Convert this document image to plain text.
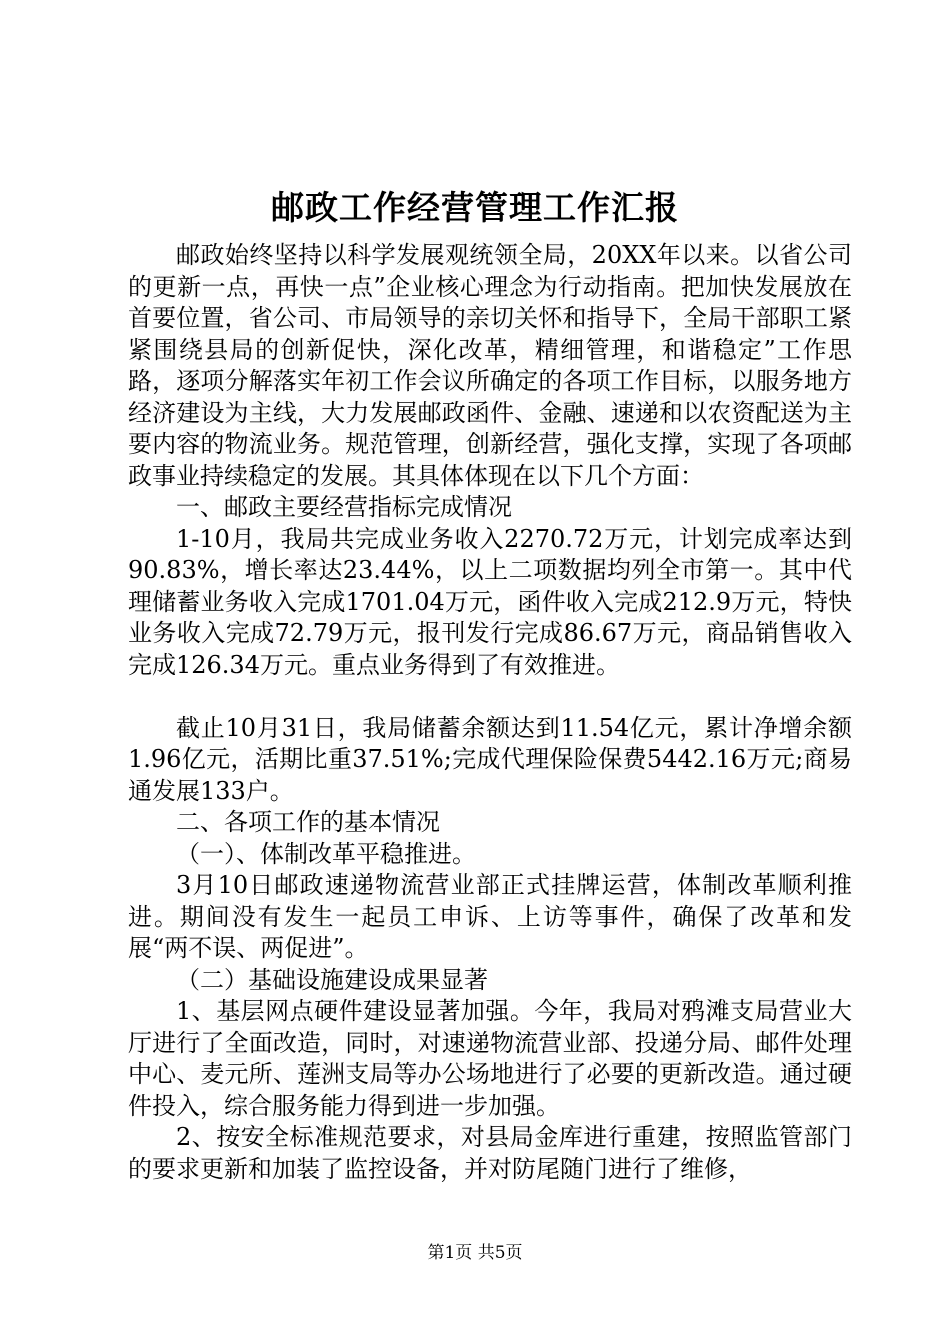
邮政工作经营管理工作汇报

邮政始终坚持以科学发展观统领全局，20XX年以来。以省公司的更新一点，再快一点”企业核心理念为行动指南。把加快发展放在首要位置，省公司、市局领导的亲切关怀和指导下，全局干部职工紧紧围绕县局的创新促快，深化改革，精细管理，和谐稳定”工作思路，逐项分解落实年初工作会议所确定的各项工作目标，以服务地方经济建设为主线，大力发展邮政函件、金融、速递和以农资配送为主要内容的物流业务。规范管理，创新经营，强化支撑，实现了各项邮政事业持续稳定的发展。其具体体现在以下几个方面：

一、邮政主要经营指标完成情况

1-10月，我局共完成业务收入2270.72万元，计划完成率达到90.83%，增长率达23.44%，以上二项数据均列全市第一。其中代理储蓄业务收入完成1701.04万元，函件收入完成212.9万元，特快业务收入完成72.79万元，报刊发行完成86.67万元，商品销售收入完成126.34万元。重点业务得到了有效推进。

截止10月31日，我局储蓄余额达到11.54亿元，累计净增余额1.96亿元，活期比重37.51%;完成代理保险保费5442.16万元;商易通发展133户。

二、各项工作的基本情况

（一）、体制改革平稳推进。

3月10日邮政速递物流营业部正式挂牌运营，体制改革顺利推进。期间没有发生一起员工申诉、上访等事件，确保了改革和发展“两不误、两促进”。

（二）基础设施建设成果显著

1、基层网点硬件建设显著加强。今年，我局对鸦滩支局营业大厅进行了全面改造，同时，对速递物流营业部、投递分局、邮件处理中心、麦元所、莲洲支局等办公场地进行了必要的更新改造。通过硬件投入，综合服务能力得到进一步加强。

2、按安全标准规范要求，对县局金库进行重建，按照监管部门的要求更新和加装了监控设备，并对防尾随门进行了维修，

第1页 共5页
